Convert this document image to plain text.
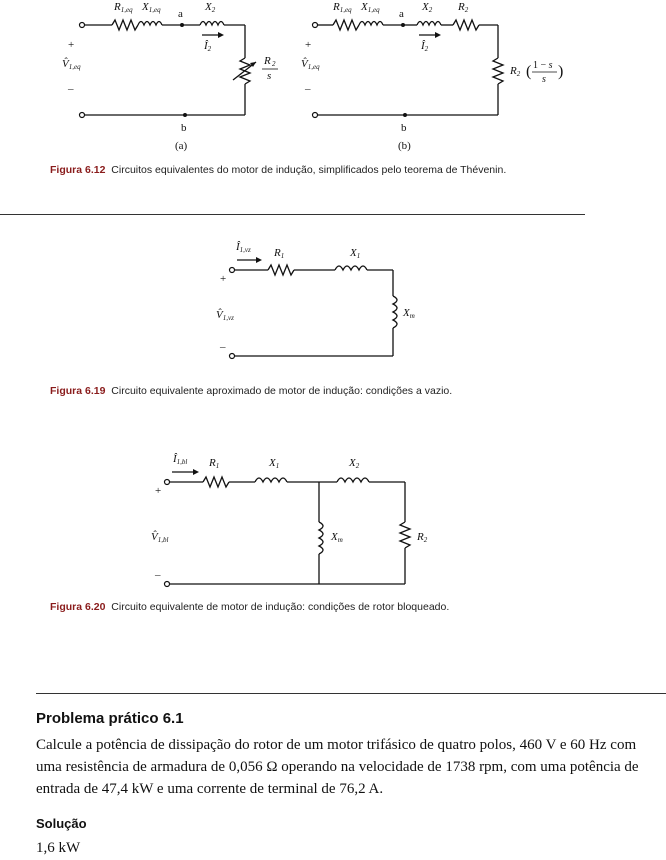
R1,eq X1,eq a
X2
Î2
+
V̂1,eq
–
R 2
s
b
(a)
R1,eq X1,eq a
X2 R2
Î2
+
V̂1,eq
–
R2 ( 1 − s
s )
b
(b)
Figura 6.12 Circuitos equivalentes do motor de indução, simplificados pelo teorema de Thévenin.
Î1,vz R1	X1
+
V̂1,vz
–
Xm
Figura 6.19 Circuito equivalente aproximado de motor de indução: condições a vazio.
Î1,bl R1	X1	X2
+
V̂1,bl
–
Xm	R2
Figura 6.20 Circuito equivalente de motor de indução: condições de rotor bloqueado.
Problema prático 6.1
Calcule a potência de dissipação do rotor de um motor trifásico de quatro polos, 460 V e 60 Hz com uma resistência de armadura de 0,056 Ω operando na velocidade de 1738 rpm, com uma potência de entrada de 47,4 kW e uma corrente de terminal de 76,2 A.
Solução
1,6 kW
